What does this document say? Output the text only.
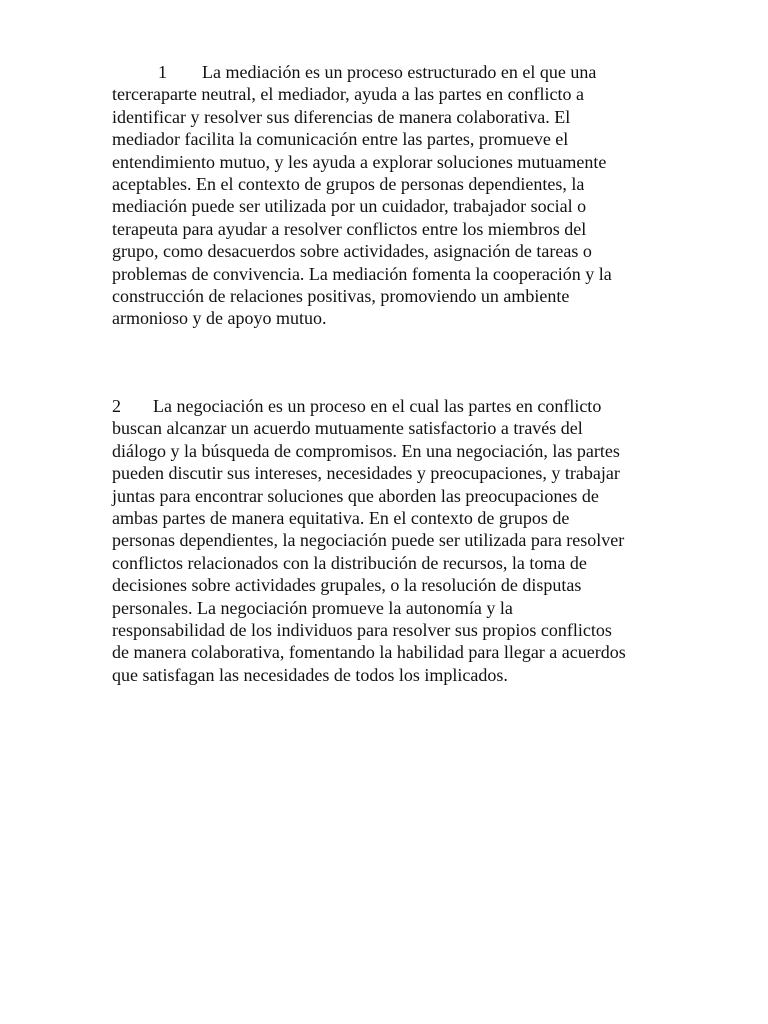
1 La mediación es un proceso estructurado en el que una
terceraparte neutral, el mediador, ayuda a las partes en conflicto a
identificar y resolver sus diferencias de manera colaborativa. El
mediador facilita la comunicación entre las partes, promueve el
entendimiento mutuo, y les ayuda a explorar soluciones mutuamente
aceptables. En el contexto de grupos de personas dependientes, la
mediación puede ser utilizada por un cuidador, trabajador social o
terapeuta para ayudar a resolver conflictos entre los miembros del
grupo, como desacuerdos sobre actividades, asignación de tareas o
problemas de convivencia. La mediación fomenta la cooperación y la
construcción de relaciones positivas, promoviendo un ambiente
armonioso y de apoyo mutuo.
2 La negociación es un proceso en el cual las partes en conflicto
buscan alcanzar un acuerdo mutuamente satisfactorio a través del
diálogo y la búsqueda de compromisos. En una negociación, las partes
pueden discutir sus intereses, necesidades y preocupaciones, y trabajar
juntas para encontrar soluciones que aborden las preocupaciones de
ambas partes de manera equitativa. En el contexto de grupos de
personas dependientes, la negociación puede ser utilizada para resolver
conflictos relacionados con la distribución de recursos, la toma de
decisiones sobre actividades grupales, o la resolución de disputas
personales. La negociación promueve la autonomía y la
responsabilidad de los individuos para resolver sus propios conflictos
de manera colaborativa, fomentando la habilidad para llegar a acuerdos
que satisfagan las necesidades de todos los implicados.
